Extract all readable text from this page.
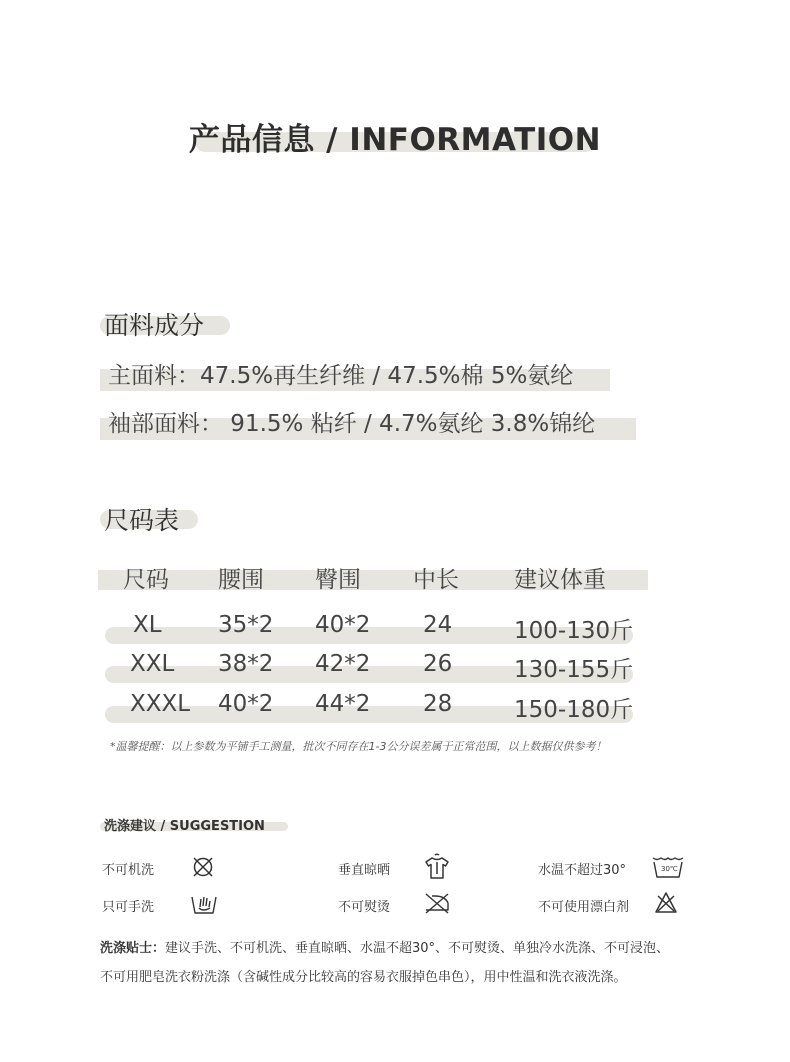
产品信息 / INFORMATION
面料成分
主面料：47.5%再生纤维 / 47.5%棉 5%氨纶
袖部面料： 91.5% 粘纤 / 4.7%氨纶 3.8%锦纶
尺码表
尺码 腰围 臀围 中长 建议体重
XL 35*2 40*2 24	100-130斤
XXL 38*2 42*2 26	130-155斤
XXXL 40*2 44*2 28	150-180斤
*温馨提醒：以上参数为平铺手工测量，批次不同存在1-3公分误差属于正常范围，以上数据仅供参考！
洗涤建议 / SUGGESTION
不可机洗	垂直晾晒	水温不超过30°	30℃
只可手洗	不可熨烫	不可使用漂白剂
洗涤贴士：建议手洗、不可机洗、垂直晾晒、水温不超30°、不可熨烫、单独冷水洗涤、不可浸泡、
不可用肥皂洗衣粉洗涤（含碱性成分比较高的容易衣服掉色串色），用中性温和洗衣液洗涤。
